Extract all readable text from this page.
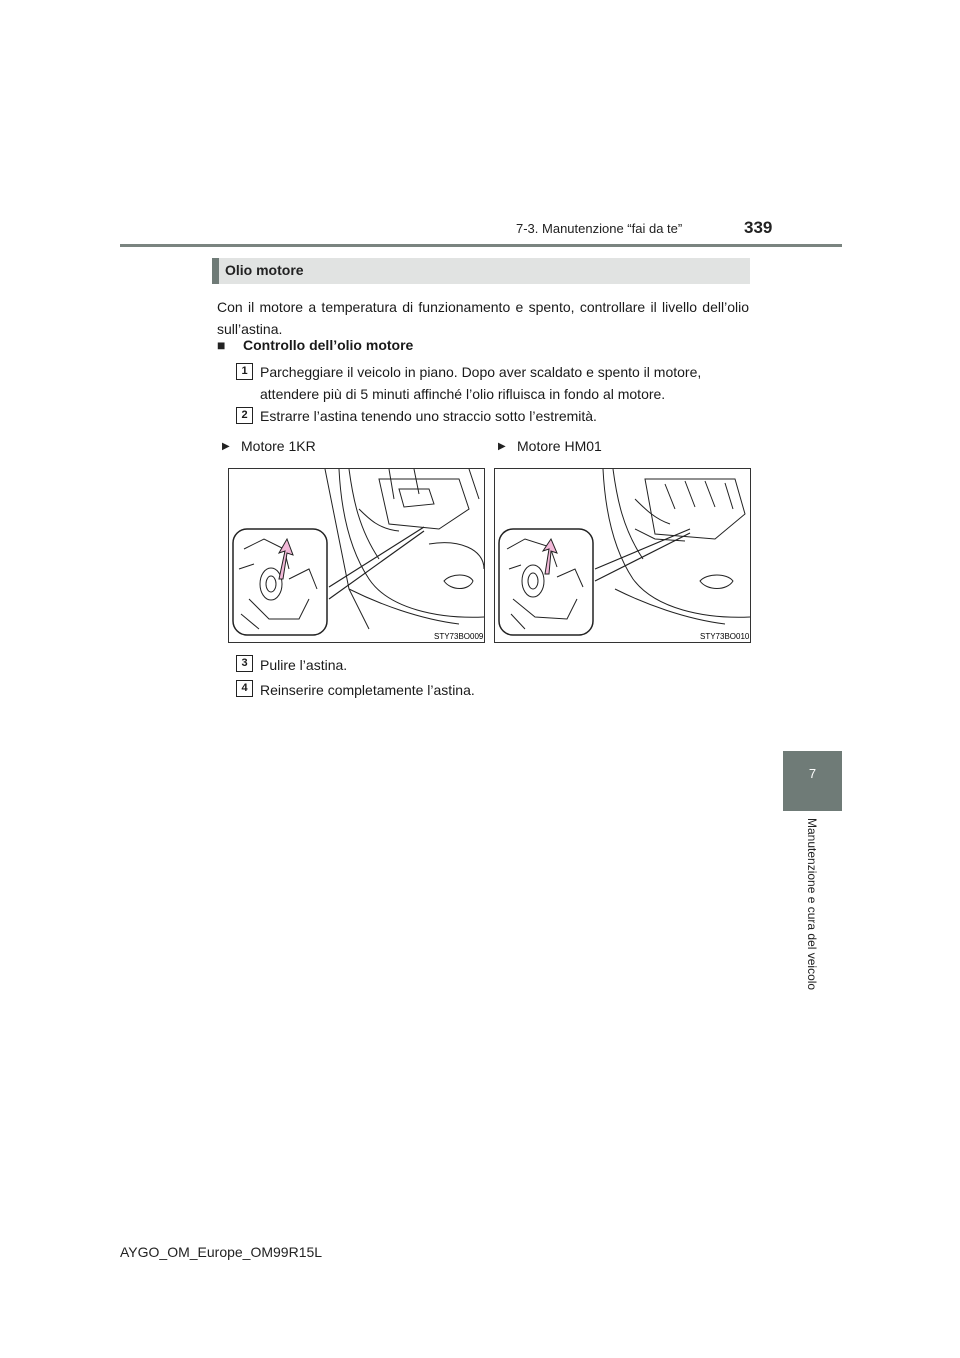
7-3. Manutenzione “fai da te”	339
7
Manutenzione e cura del veicolo
Olio motore
Con il motore a temperatura di funzionamento e spento, controllare il livello dell’olio sull’astina.
■ Controllo dell’olio motore
1 Parcheggiare il veicolo in piano. Dopo aver scaldato e spento il motore, attendere più di 5 minuti affinché l’olio rifluisca in fondo al motore.
2 Estrarre l’astina tenendo uno straccio sotto l’estremità.
▶ Motore 1KR	▶ Motore HM01
STY73BO009	STY73BO010
3 Pulire l’astina.
4 Reinserire completamente l’astina.
AYGO_OM_Europe_OM99R15L
